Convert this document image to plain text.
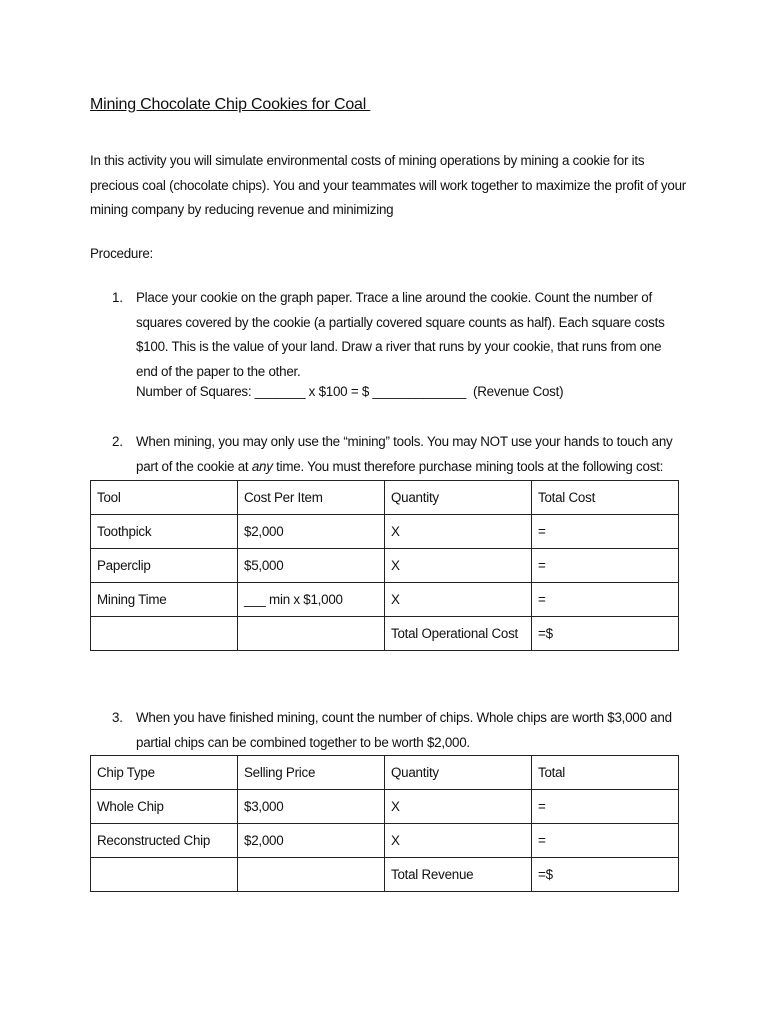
Mining Chocolate Chip Cookies for Coal
In this activity you will simulate environmental costs of mining operations by mining a cookie for its precious coal (chocolate chips). You and your teammates will work together to maximize the profit of your mining company by reducing revenue and minimizing
Procedure:
1. Place your cookie on the graph paper. Trace a line around the cookie. Count the number of squares covered by the cookie (a partially covered square counts as half). Each square costs $100. This is the value of your land. Draw a river that runs by your cookie, that runs from one end of the paper to the other.
Number of Squares: _______ x $100 = $ _____________  (Revenue Cost)
2. When mining, you may only use the “mining” tools. You may NOT use your hands to touch any part of the cookie at any time. You must therefore purchase mining tools at the following cost:
Tool	Cost Per Item	Quantity	Total Cost
Toothpick	$2,000	X	=
Paperclip	$5,000	X	=
Mining Time	___ min x $1,000	X	=
		Total Operational Cost	=$
3. When you have finished mining, count the number of chips. Whole chips are worth $3,000 and partial chips can be combined together to be worth $2,000.
Chip Type	Selling Price	Quantity	Total
Whole Chip	$3,000	X	=
Reconstructed Chip	$2,000	X	=
		Total Revenue	=$
